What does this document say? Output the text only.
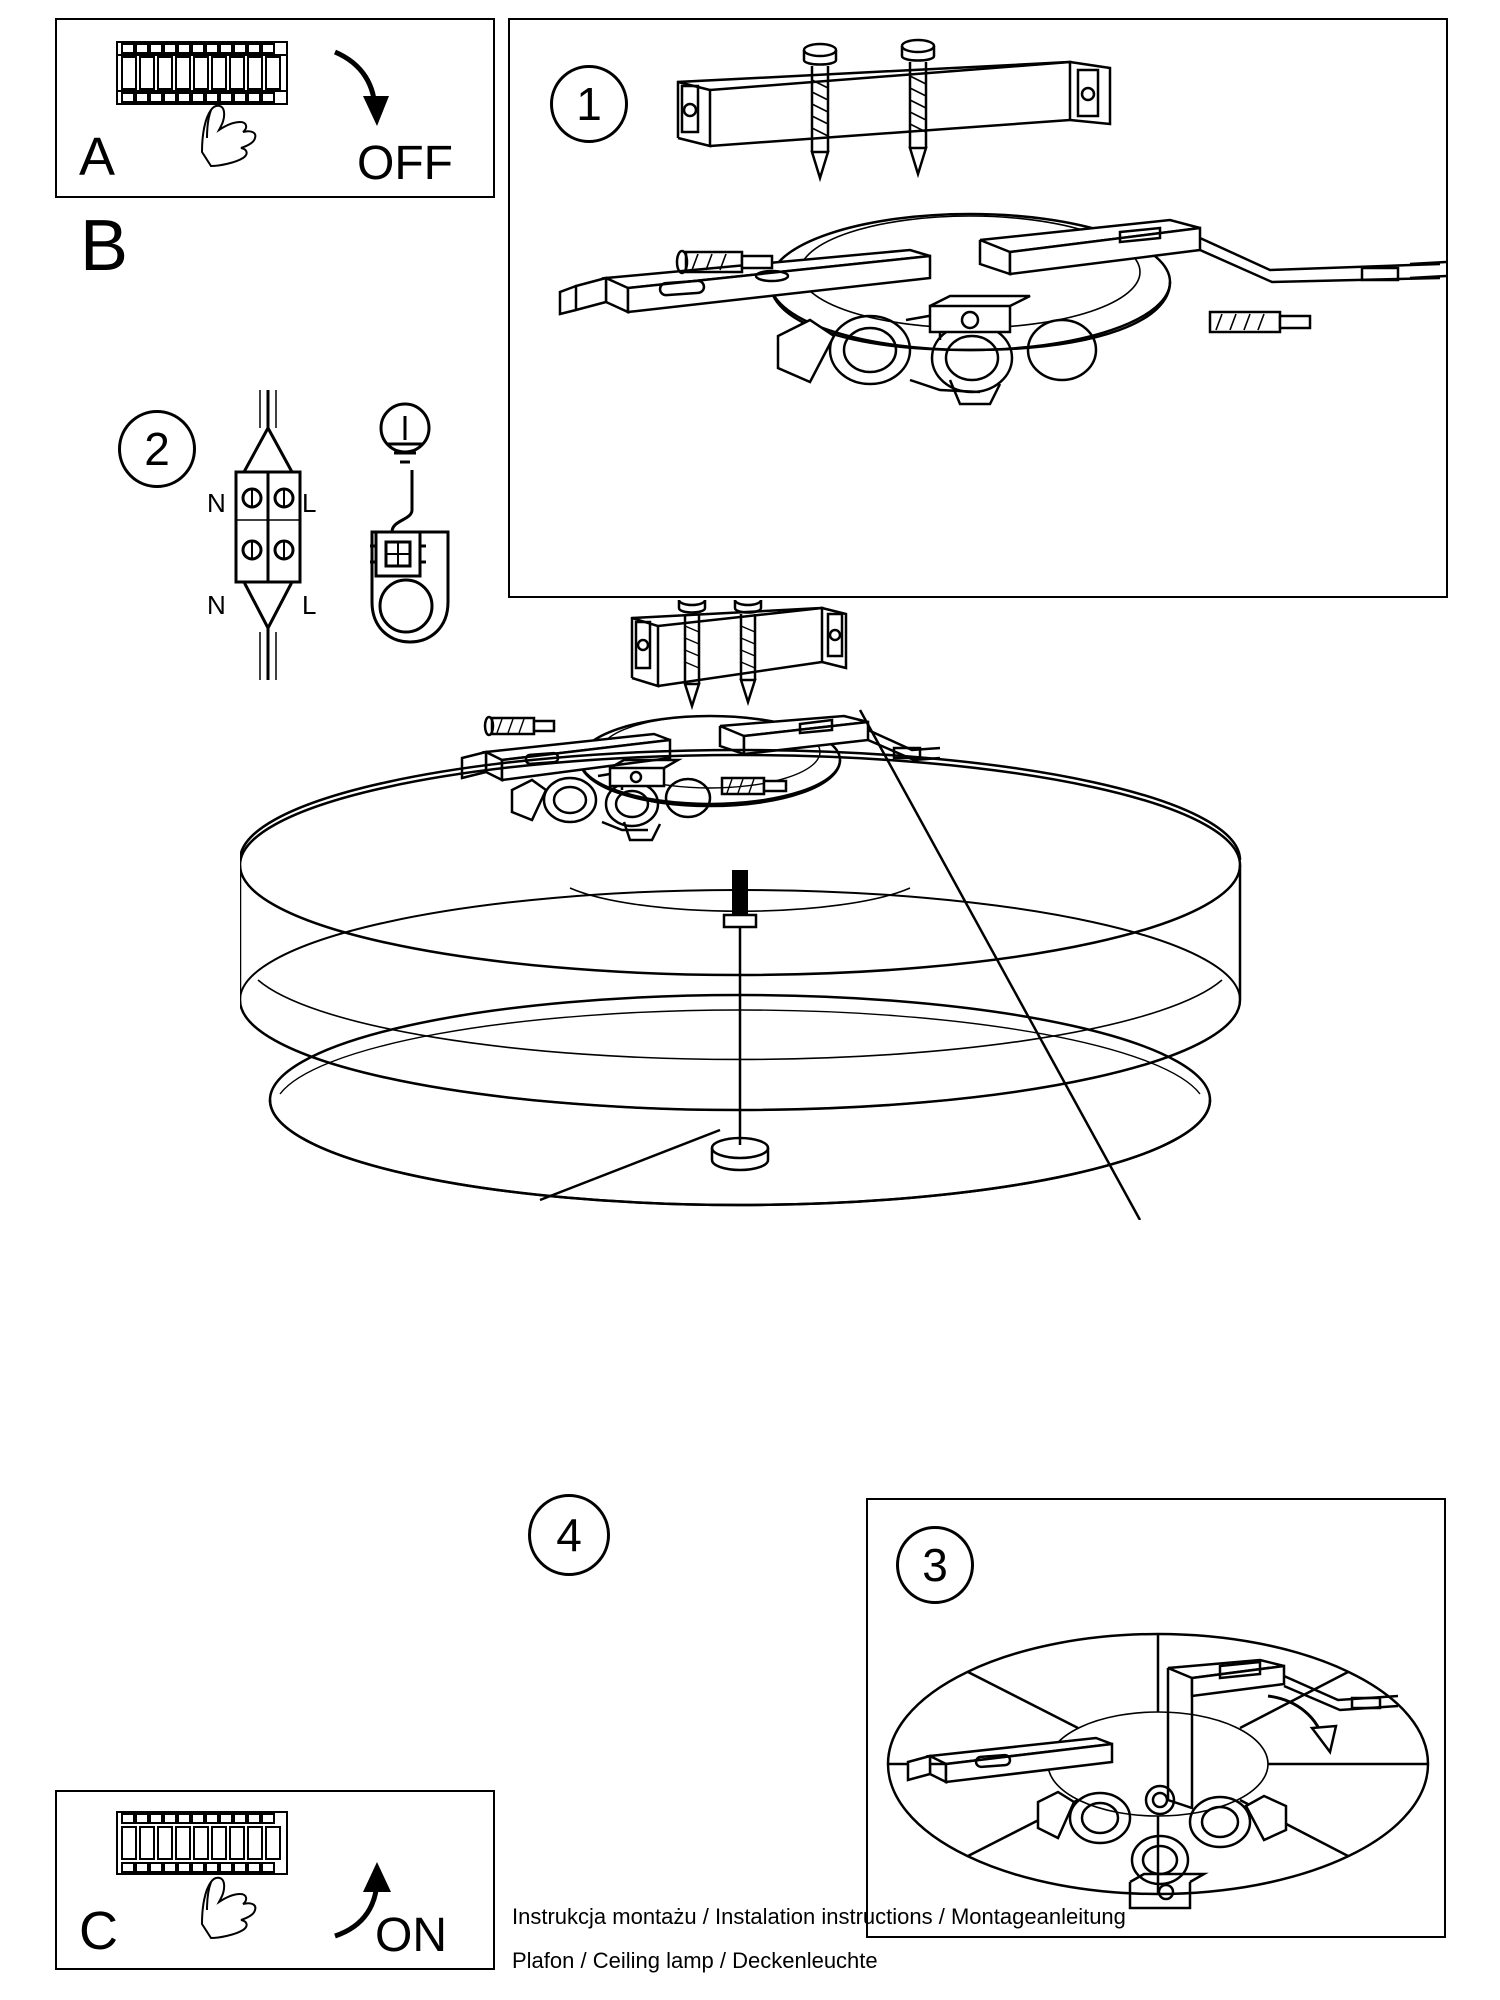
A	OFF
B
2
N	L
N	L
1
4
3
C	ON	Instrukcja montażu / Instalation instructions / Montageanleitung
Plafon / Ceiling lamp / Deckenleuchte
